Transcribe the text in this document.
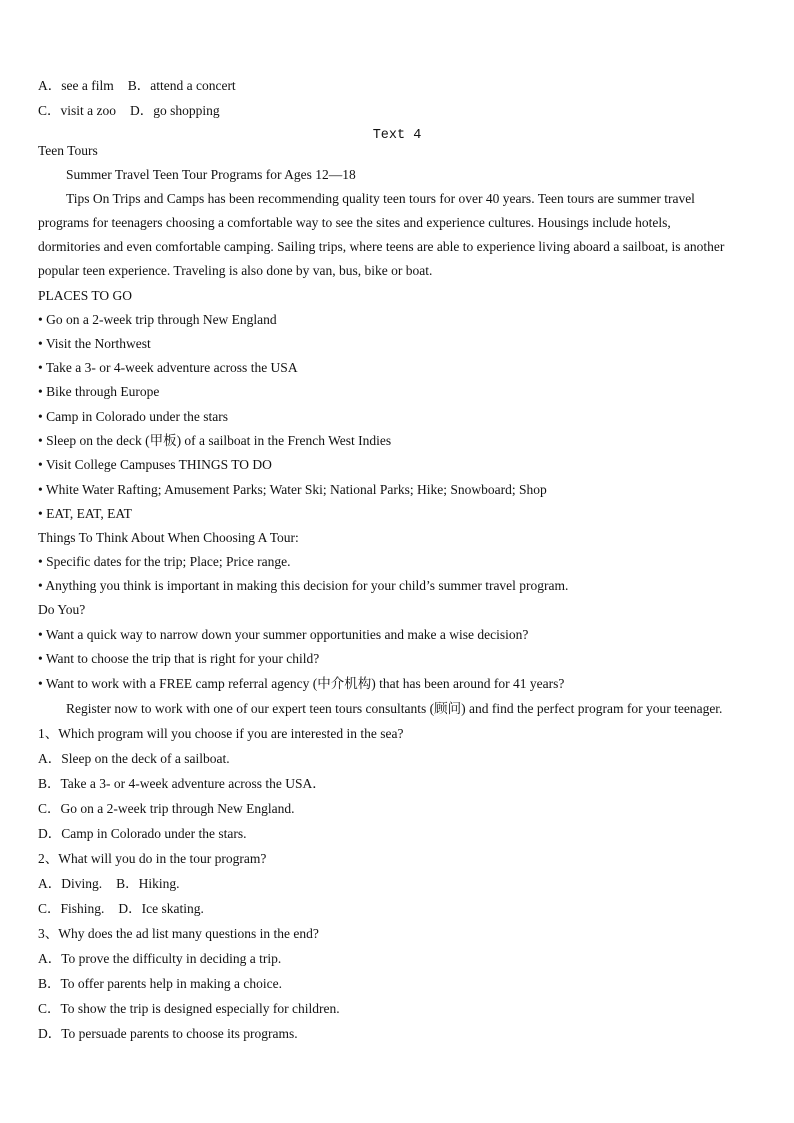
A．see a film B．attend a concert
C．visit a zoo D．go shopping
Text 4
Teen Tours
Summer Travel Teen Tour Programs for Ages 12—18
Tips On Trips and Camps has been recommending quality teen tours for over 40 years. Teen tours are summer travel
programs for teenagers choosing a comfortable way to see the sites and experience cultures. Housings include hotels,
dormitories and even comfortable camping. Sailing trips, where teens are able to experience living aboard a sailboat, is another
popular teen experience. Traveling is also done by van, bus, bike or boat.
PLACES TO GO
• Go on a 2-week trip through New England
• Visit the Northwest
• Take a 3- or 4-week adventure across the USA
• Bike through Europe
• Camp in Colorado under the stars
• Sleep on the deck (甲板) of a sailboat in the French West Indies
• Visit College Campuses THINGS TO DO
• White Water Rafting; Amusement Parks; Water Ski; National Parks; Hike; Snowboard; Shop
• EAT, EAT, EAT
Things To Think About When Choosing A Tour:
• Specific dates for the trip; Place; Price range.
• Anything you think is important in making this decision for your child’s summer travel program.
Do You?
• Want a quick way to narrow down your summer opportunities and make a wise decision?
• Want to choose the trip that is right for your child?
• Want to work with a FREE camp referral agency (中介机构) that has been around for 41 years?
Register now to work with one of our expert teen tours consultants (顾问) and find the perfect program for your teenager.
1、Which program will you choose if you are interested in the sea?
A．Sleep on the deck of a sailboat.
B．Take a 3- or 4-week adventure across the USA．
C．Go on a 2-week trip through New England.
D．Camp in Colorado under the stars.
2、What will you do in the tour program?
A．Diving. B．Hiking.
C．Fishing. D．Ice skating.
3、Why does the ad list many questions in the end?
A．To prove the difficulty in deciding a trip.
B．To offer parents help in making a choice.
C．To show the trip is designed especially for children.
D．To persuade parents to choose its programs.
